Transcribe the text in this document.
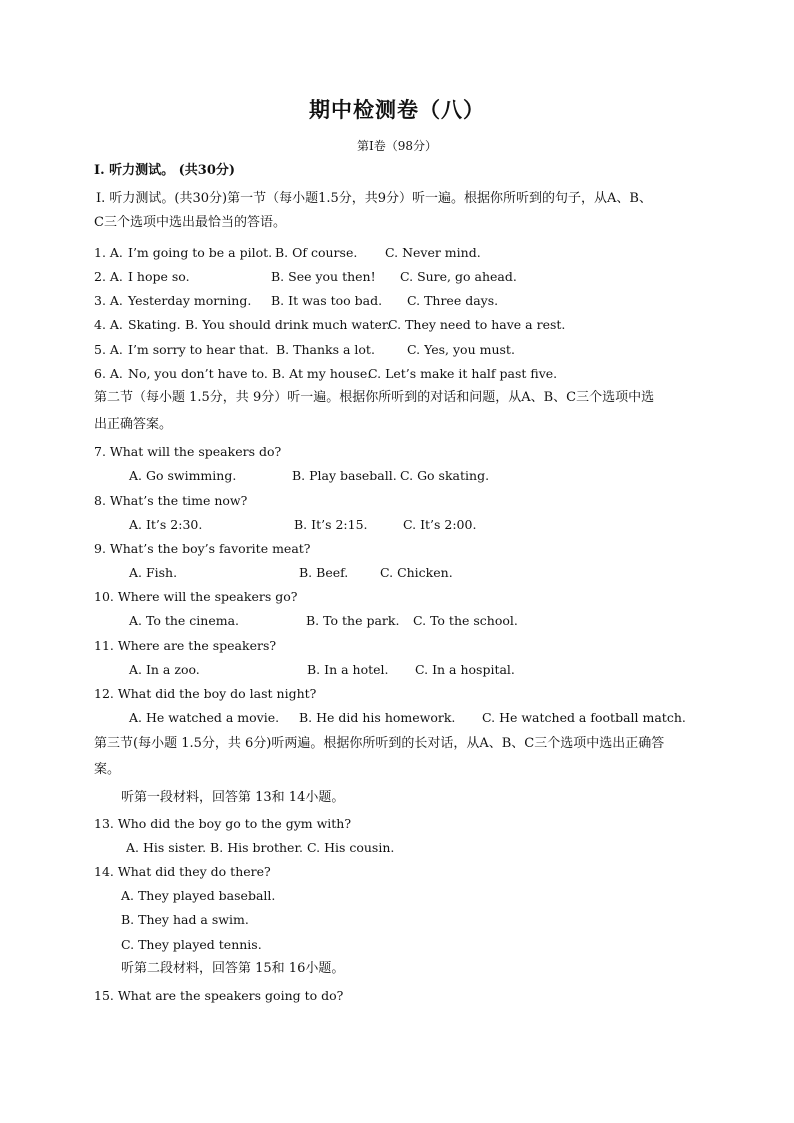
期中检测卷（八）
第Ⅰ卷（98分）
I. 听力测试。 (共30分)
Ⅰ. 听力测试。(共30分)第一节（每小题1.5分，共9分）听一遍。根据你所听到的句子，从A、B、
C三个选项中选出最恰当的答语。
1. A. I’m going to be a pilot. B. Of course. C. Never mind.
2. A. I hope so.	B. See you then! C. Sure, go ahead.
3. A. Yesterday morning. B. It was too bad. C. Three days.
4. A. Skating. B. You should drink much water.
C. They need to have a rest.
5. A. I’m sorry to hear that. B. Thanks a lot.	C. Yes, you must.
6. A. No, you don’t have to. B. At my house.
C. Let’s make it half past five.
第二节（每小题 1.5分，共 9分）听一遍。根据你所听到的对话和问题，从A、B、C三个选项中选
出正确答案。
7. What will the speakers do?
A. Go swimming.	B. Play baseball. C. Go skating.
8. What’s the time now?
A. It’s 2:30.	B. It’s 2:15.	C. It’s 2:00.
9. What’s the boy’s favorite meat?
A. Fish.	B. Beef.	C. Chicken.
10. Where will the speakers go?
A. To the cinema.	B. To the park. C. To the school.
11. Where are the speakers?
A. In a zoo.	B. In a hotel. C. In a hospital.
12. What did the boy do last night?
A. He watched a movie. B. He did his homework. C. He watched a football match.
第三节(每小题 1.5分，共 6分)听两遍。根据你所听到的长对话，从A、B、C三个选项中选出正确答
案。
听第一段材料，回答第 13和 14小题。
13. Who did the boy go to the gym with?
A. His sister. B. His brother. C. His cousin.
14. What did they do there?
A. They played baseball.
B. They had a swim.
C. They played tennis.
听第二段材料，回答第 15和 16小题。
15. What are the speakers going to do?
